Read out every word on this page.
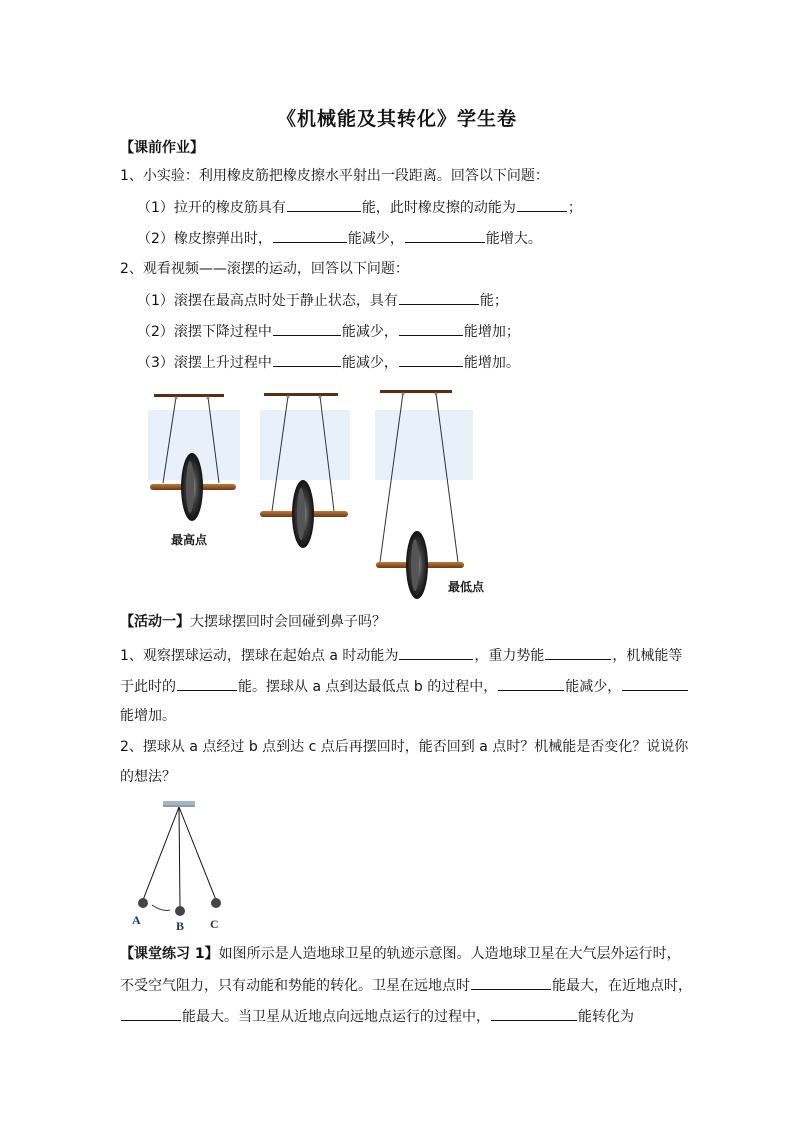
《机械能及其转化》学生卷
【课前作业】
1、小实验：利用橡皮筋把橡皮擦水平射出一段距离。回答以下问题：
（1）拉开的橡皮筋具有	能，此时橡皮擦的动能为	；
（2）橡皮擦弹出时，	能减少，	能增大。
2、观看视频——滚摆的运动，回答以下问题：
（1）滚摆在最高点时处于静止状态，具有	能；
（2）滚摆下降过程中	能减少，	能增加；
（3）滚摆上升过程中	能减少，	能增加。
最高点
最低点
【活动一】大摆球摆回时会回碰到鼻子吗？
1、观察摆球运动，摆球在起始点 a 时动能为	，重力势能	，机械能等
于此时的	能。摆球从 a 点到达最低点 b 的过程中，	能减少，
能增加。
2、摆球从 a 点经过 b 点到达 c 点后再摆回时，能否回到 a 点时？机械能是否变化？说说你
的想法？
A	B C
【课堂练习 1】如图所示是人造地球卫星的轨迹示意图。人造地球卫星在大气层外运行时，
不受空气阻力，只有动能和势能的转化。卫星在远地点时	能最大，在近地点时，
能最大。当卫星从近地点向远地点运行的过程中，	能转化为
